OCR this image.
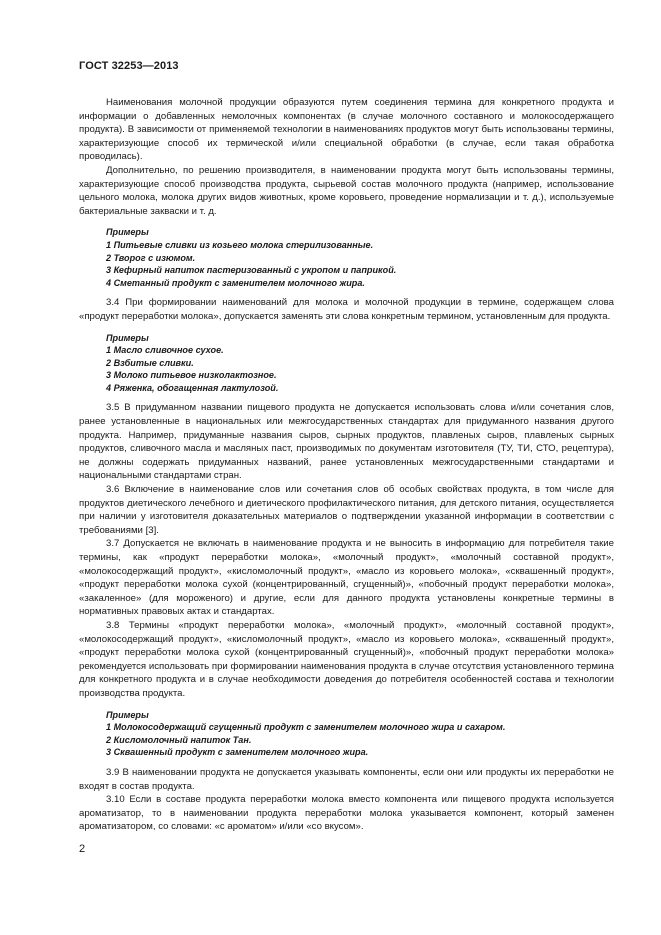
ГОСТ 32253—2013

Наименования молочной продукции образуются путем соединения термина для конкретного продукта и информации о добавленных немолочных компонентах (в случае молочного составного и молокосодержащего продукта). В зависимости от применяемой технологии в наименованиях продуктов могут быть использованы термины, характеризующие способ их термической и/или специальной обработки (в случае, если такая обработка проводилась).

Дополнительно, по решению производителя, в наименовании продукта могут быть использованы термины, характеризующие способ производства продукта, сырьевой состав молочного продукта (например, использование цельного молока, молока других видов животных, кроме коровьего, проведение нормализации и т. д.), используемые бактериальные закваски и т. д.

Примеры
1 Питьевые сливки из козьего молока стерилизованные.
2 Творог с изюмом.
3 Кефирный напиток пастеризованный с укропом и паприкой.
4 Сметанный продукт с заменителем молочного жира.

3.4 При формировании наименований для молока и молочной продукции в термине, содержащем слова «продукт переработки молока», допускается заменять эти слова конкретным термином, установленным для продукта.

Примеры
1 Масло сливочное сухое.
2 Взбитые сливки.
3 Молоко питьевое низколактозное.
4 Ряженка, обогащенная лактулозой.

3.5 В придуманном названии пищевого продукта не допускается использовать слова и/или сочетания слов, ранее установленные в национальных или межгосударственных стандартах для придуманного названия другого продукта. Например, придуманные названия сыров, сырных продуктов, плавленых сыров, плавленых сырных продуктов, сливочного масла и масляных паст, производимых по документам изготовителя (ТУ, ТИ, СТО, рецептура), не должны содержать придуманных названий, ранее установленных межгосударственными стандартами и национальными стандартами стран.

3.6 Включение в наименование слов или сочетания слов об особых свойствах продукта, в том числе для продуктов диетического лечебного и диетического профилактического питания, для детского питания, осуществляется при наличии у изготовителя доказательных материалов о подтверждении указанной информации в соответствии с требованиями [3].

3.7 Допускается не включать в наименование продукта и не выносить в информацию для потребителя такие термины, как «продукт переработки молока», «молочный продукт», «молочный составной продукт», «молокосодержащий продукт», «кисломолочный продукт», «масло из коровьего молока», «сквашенный продукт», «продукт переработки молока сухой (концентрированный, сгущенный)», «побочный продукт переработки молока», «закаленное» (для мороженого) и другие, если для данного продукта установлены конкретные термины в нормативных правовых актах и стандартах.

3.8 Термины «продукт переработки молока», «молочный продукт», «молочный составной продукт», «молокосодержащий продукт», «кисломолочный продукт», «масло из коровьего молока», «сквашенный продукт», «продукт переработки молока сухой (концентрированный сгущенный)», «побочный продукт переработки молока» рекомендуется использовать при формировании наименования продукта в случае отсутствия установленного термина для конкретного продукта и в случае необходимости доведения до потребителя особенностей состава и технологии производства продукта.

Примеры
1 Молокосодержащий сгущенный продукт с заменителем молочного жира и сахаром.
2 Кисломолочный напиток Тан.
3 Сквашенный продукт с заменителем молочного жира.

3.9 В наименовании продукта не допускается указывать компоненты, если они или продукты их переработки не входят в состав продукта.

3.10 Если в составе продукта переработки молока вместо компонента или пищевого продукта используется ароматизатор, то в наименовании продукта переработки молока указывается компонент, который заменен ароматизатором, со словами: «с ароматом» и/или «со вкусом».

2
